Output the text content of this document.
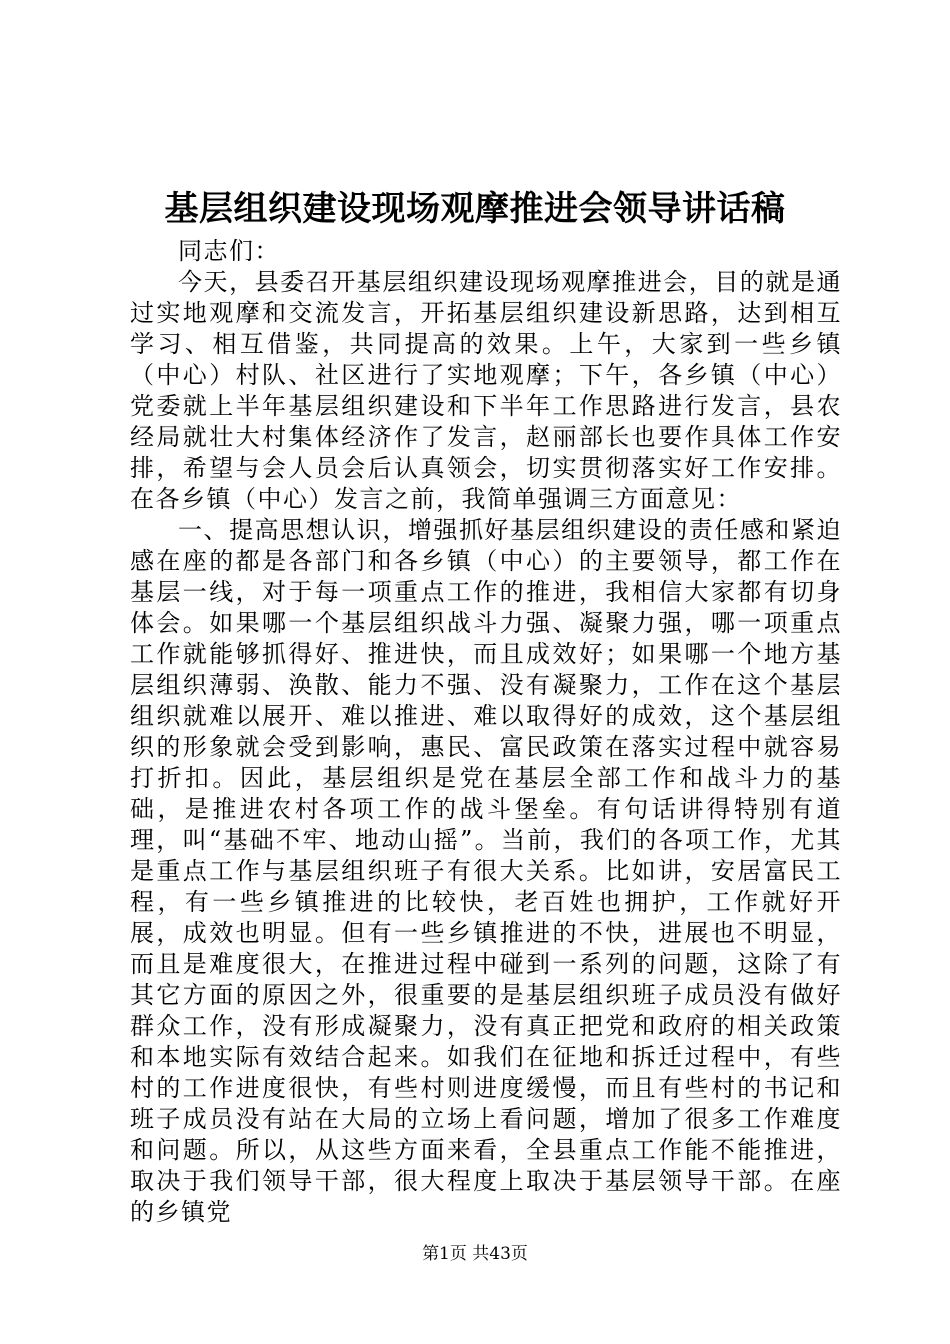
基层组织建设现场观摩推进会领导讲话稿

同志们：

今天，县委召开基层组织建设现场观摩推进会，目的就是通过实地观摩和交流发言，开拓基层组织建设新思路，达到相互学习、相互借鉴，共同提高的效果。上午，大家到一些乡镇（中心）村队、社区进行了实地观摩；下午，各乡镇（中心）党委就上半年基层组织建设和下半年工作思路进行发言，县农经局就壮大村集体经济作了发言，赵丽部长也要作具体工作安排，希望与会人员会后认真领会，切实贯彻落实好工作安排。在各乡镇（中心）发言之前，我简单强调三方面意见：

一、提高思想认识，增强抓好基层组织建设的责任感和紧迫感在座的都是各部门和各乡镇（中心）的主要领导，都工作在基层一线，对于每一项重点工作的推进，我相信大家都有切身体会。如果哪一个基层组织战斗力强、凝聚力强，哪一项重点工作就能够抓得好、推进快，而且成效好；如果哪一个地方基层组织薄弱、涣散、能力不强、没有凝聚力，工作在这个基层组织就难以展开、难以推进、难以取得好的成效，这个基层组织的形象就会受到影响，惠民、富民政策在落实过程中就容易打折扣。因此，基层组织是党在基层全部工作和战斗力的基础，是推进农村各项工作的战斗堡垒。有句话讲得特别有道理，叫“基础不牢、地动山摇”。当前，我们的各项工作，尤其是重点工作与基层组织班子有很大关系。比如讲，安居富民工程，有一些乡镇推进的比较快，老百姓也拥护，工作就好开展，成效也明显。但有一些乡镇推进的不快，进展也不明显，而且是难度很大，在推进过程中碰到一系列的问题，这除了有其它方面的原因之外，很重要的是基层组织班子成员没有做好群众工作，没有形成凝聚力，没有真正把党和政府的相关政策和本地实际有效结合起来。如我们在征地和拆迁过程中，有些村的工作进度很快，有些村则进度缓慢，而且有些村的书记和班子成员没有站在大局的立场上看问题，增加了很多工作难度和问题。所以，从这些方面来看，全县重点工作能不能推进，取决于我们领导干部，很大程度上取决于基层领导干部。在座的乡镇党

第1页 共43页
